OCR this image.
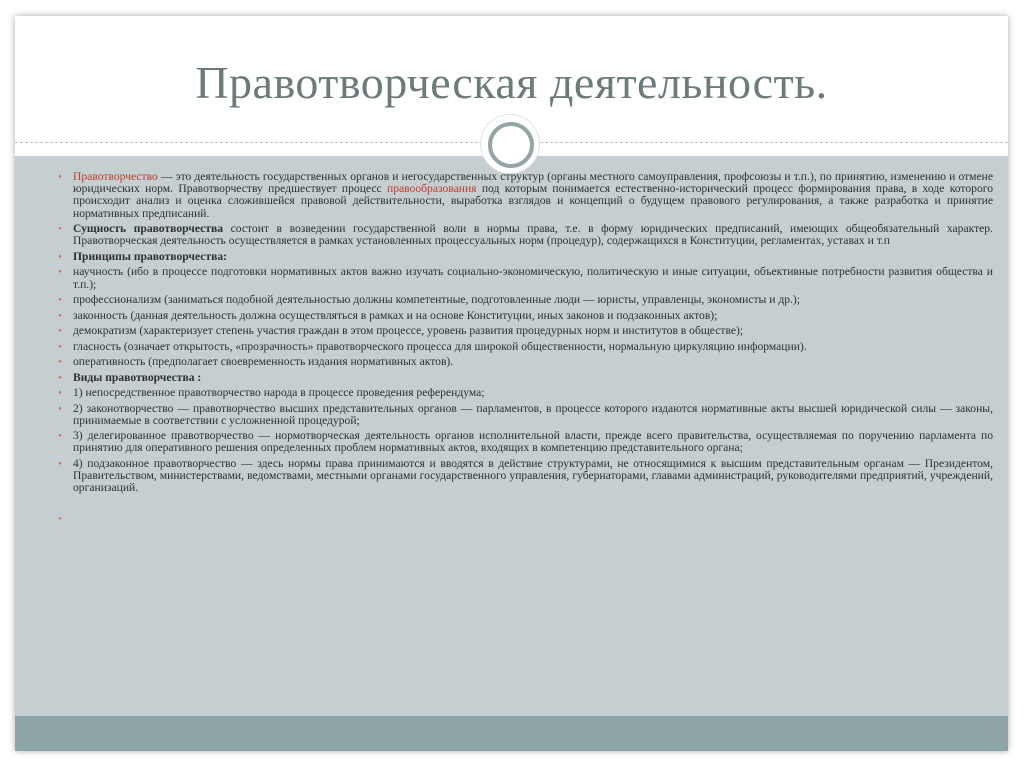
Правотворческая деятельность.
• Правотворчество — это деятельность государственных органов и негосударственных структур (органы местного самоуправления, профсоюзы и т.п.), по принятию, изменению и отмене юридических норм. Правотворчеству предшествует процесс правообразования под которым понимается естественно-исторический процесс формирования права, в ходе которого происходит анализ и оценка сложившейся правовой действительности, выработка взглядов и концепций о будущем правового регулирования, а также разработка и принятие нормативных предписаний.
• Сущность правотворчества состоит в возведении государственной воли в нормы права, т.е. в форму юридических предписаний, имеющих общеобязательный характер. Правотворческая деятельность осуществляется в рамках установленных процессуальных норм (процедур), содержащихся в Конституции, регламентах, уставах и т.п
• Принципы правотворчества:
• научность (ибо в процессе подготовки нормативных актов важно изучать социально-экономическую, политическую и иные ситуации, объективные потребности развития общества и т.п.);
• профессионализм (заниматься подобной деятельностью должны компетентные, подготовленные люди — юристы, управленцы, экономисты и др.);
• законность (данная деятельность должна осуществляться в рамках и на основе Конституции, иных законов и подзаконных актов);
• демократизм (характеризует степень участия граждан в этом процессе, уровень развития процедурных норм и институтов в обществе);
• гласность (означает открытость, «прозрачность» правотворческого процесса для широкой общественности, нормальную циркуляцию информации).
• оперативность (предполагает своевременность издания нормативных актов).
• Виды правотворчества :
• 1) непосредственное правотворчество народа в процессе проведения референдума;
• 2) законотворчество — правотворчество высших представительных органов — парламентов, в процессе которого издаются нормативные акты высшей юридической силы — законы, принимаемые в соответствии с усложненной процедурой;
• 3) делегированное правотворчество — нормотворческая деятельность органов исполнительной власти, прежде всего правительства, осуществляемая по поручению парламента по принятию для оперативного решения определенных проблем нормативных актов, входящих в компетенцию представительного органа;
• 4) подзаконное правотворчество — здесь нормы права принимаются и вводятся в действие структурами, не относящимися к высшим представительным органам — Президентом, Правительством, министерствами, ведомствами, местными органами государственного управления, губернаторами, главами администраций, руководителями предприятий, учреждений, организаций.
•
